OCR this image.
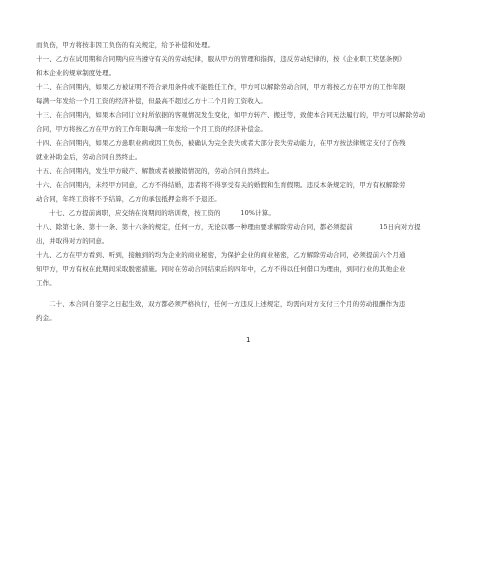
而负伤，甲方将按非因工负伤的有关规定，给予补偿和处理。

十一、乙方在试用期和合同期内应当遵守有关的劳动纪律，服从甲方的管理和指挥，违反劳动纪律的，按《企业职工奖惩条例》

和本企业的规章制度处理。

十二、在合同期内，如果乙方被证明不符合录用条件或不能胜任工作，甲方可以解除劳动合同，甲方将按乙方在甲方的工作年限

每满一年发给一个月工资的经济补偿，但最高不超过乙方十二个月的工资收入。

十三、在合同期内，如果本合同订立时所依据的客观情况发生变化，如甲方转产、搬迁等，致使本合同无法履行的，甲方可以解除劳动

合同，甲方将按乙方在甲方的工作年限每满一年发给一个月工资的经济补偿金。

十四、在合同期内，如果乙方患职业病或因工负伤，被确认为完全丧失或者大部分丧失劳动能力，在甲方按法律规定支付了伤残

就业补助金后，劳动合同自然终止。

十五、在合同期内，发生甲方破产、解散或者被撤销情况的，劳动合同自然终止。

十六、在合同期内，未经甲方同意，乙方不得结婚，违者将不得享受有关的婚假和生育假期。违反本条规定的，甲方有权解除劳

动合同，年终工资将不予结算，乙方的承包抵押金将不予退还。

十七、乙方提前离职，应交纳在岗期间的培训费，按工资的　　　10%计算。

十八、除第七条、第十一条、第十六条的规定，任何一方，无论以哪一种理由要求解除劳动合同，都必须提前　　　　15日向对方提

出，并取得对方的同意。

十九、乙方在甲方看到、听到，接触到的均为企业的商业秘密，为保护企业的商业秘密，乙方解除劳动合同，必须提前六个月通

知甲方，甲方有权在此期间采取脱密措施。同时在劳动合同结束后的四年中，乙方不得以任何借口为理由，到同行业的其他企业

工作。

二十、本合同自签字之日起生效，双方都必须严格执行，任何一方违反上述规定，均需向对方支付三个月的劳动报酬作为违

约金。

1
